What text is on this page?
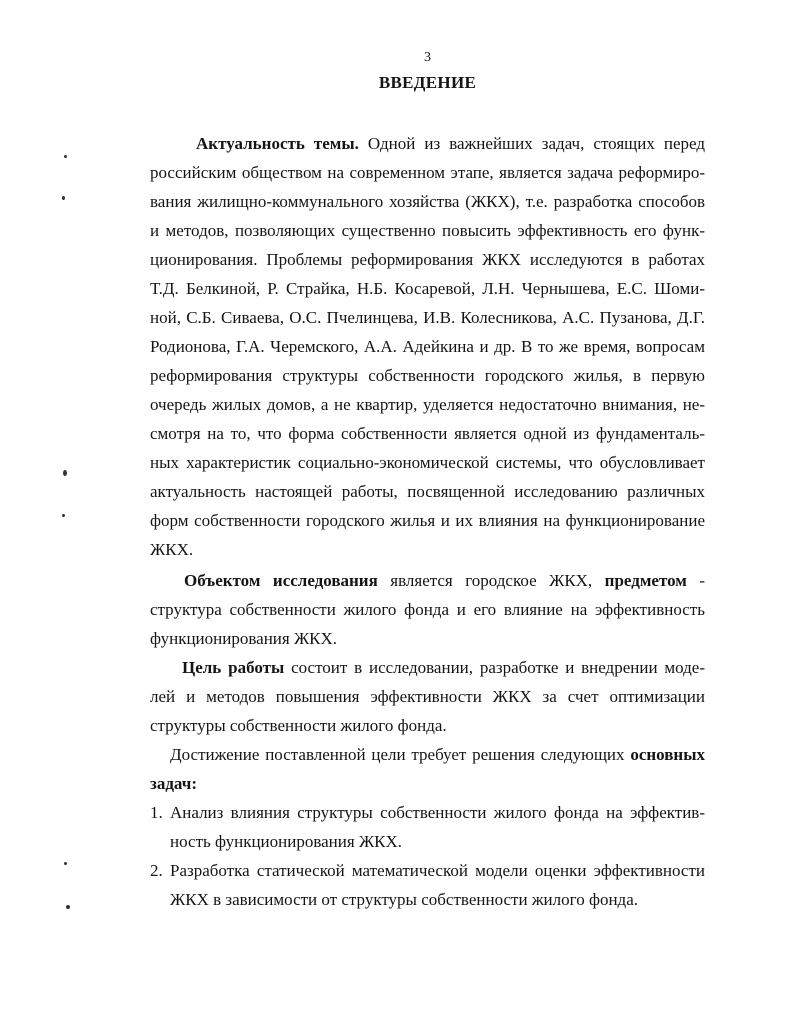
3
ВВЕДЕНИЕ
Актуальность темы. Одной из важнейших задач, стоящих перед
российским обществом на современном этапе, является задача реформиро-
вания жилищно-коммунального хозяйства (ЖКХ), т.е. разработка способов
и методов, позволяющих существенно повысить эффективность его функ-
ционирования. Проблемы реформирования ЖКХ исследуются в работах
Т.Д. Белкиной, Р. Страйка, Н.Б. Косаревой, Л.Н. Чернышева, Е.С. Шоми-
ной, С.Б. Сиваева, О.С. Пчелинцева, И.В. Колесникова, А.С. Пузанова, Д.Г.
Родионова, Г.А. Черемского, А.А. Адейкина и др. В то же время, вопросам
реформирования структуры собственности городского жилья, в первую
очередь жилых домов, а не квартир, уделяется недостаточно внимания, не-
смотря на то, что форма собственности является одной из фундаменталь-
ных характеристик социально-экономической системы, что обусловливает
актуальность настоящей работы, посвященной исследованию различных
форм собственности городского жилья и их влияния на функционирование
ЖКХ.
Объектом исследования является городское ЖКХ, предметом -
структура собственности жилого фонда и его влияние на эффективность
функционирования ЖКХ.
Цель работы состоит в исследовании, разработке и внедрении моде-
лей и методов повышения эффективности ЖКХ за счет оптимизации
структуры собственности жилого фонда.
Достижение поставленной цели требует решения следующих основных
задач:
1. Анализ влияния структуры собственности жилого фонда на эффектив-
ность функционирования ЖКХ.
2. Разработка статической математической модели оценки эффективности
ЖКХ в зависимости от структуры собственности жилого фонда.
